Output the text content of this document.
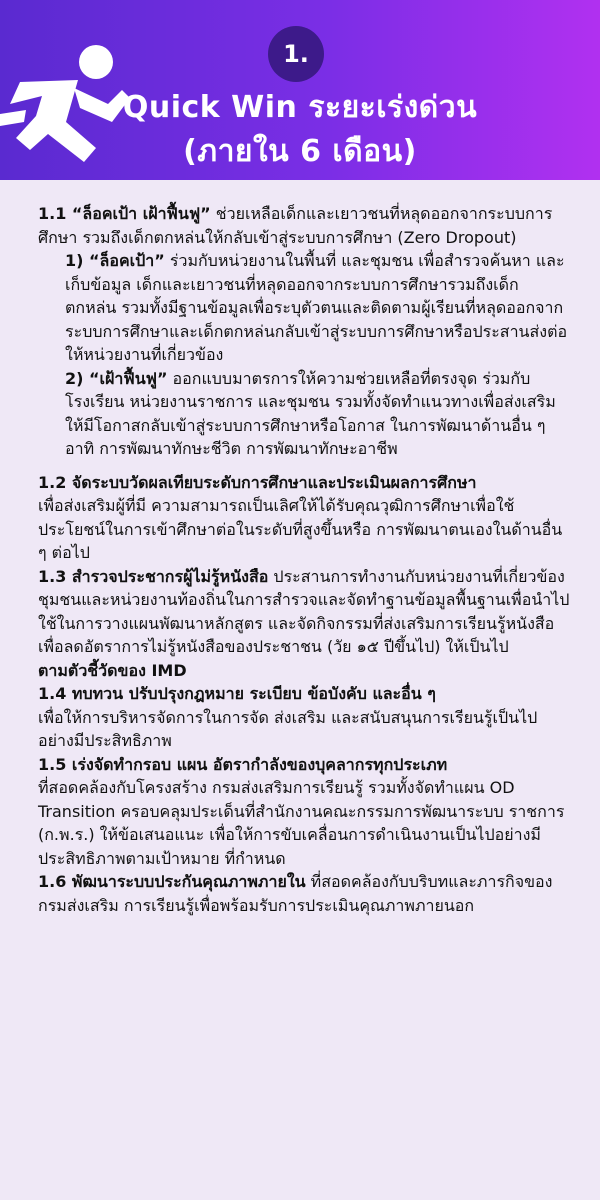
1.
Quick Win ระยะเร่งด่วน
(ภายใน 6 เดือน)
1.1 “ล็อคเป้า เฝ้าฟื้นฟู” ช่วยเหลือเด็กและเยาวชนที่หลุดออกจากระบบการศึกษา รวมถึงเด็กตกหล่นให้กลับเข้าสู่ระบบการศึกษา (Zero Dropout)
1) “ล็อคเป้า” ร่วมกับหน่วยงานในพื้นที่ และชุมชน เพื่อสำรวจค้นหา และเก็บข้อมูล เด็กและเยาวชนที่หลุดออกจากระบบการศึกษารวมถึงเด็กตกหล่น รวมทั้งมีฐานข้อมูลเพื่อระบุตัวตนและติดตามผู้เรียนที่หลุดออกจากระบบการศึกษาและเด็กตกหล่นกลับเข้าสู่ระบบการศึกษาหรือประสานส่งต่อให้หน่วยงานที่เกี่ยวข้อง
2) “เฝ้าฟื้นฟู” ออกแบบมาตรการให้ความช่วยเหลือที่ตรงจุด ร่วมกับโรงเรียน หน่วยงานราชการ และชุมชน รวมทั้งจัดทำแนวทางเพื่อส่งเสริมให้มีโอกาสกลับเข้าสู่ระบบการศึกษาหรือโอกาส ในการพัฒนาด้านอื่น ๆ อาทิ การพัฒนาทักษะชีวิต การพัฒนาทักษะอาชีพ
1.2 จัดระบบวัดผลเทียบระดับการศึกษาและประเมินผลการศึกษา
เพื่อส่งเสริมผู้ที่มี ความสามารถเป็นเลิศให้ได้รับคุณวุฒิการศึกษาเพื่อใช้ประโยชน์ในการเข้าศึกษาต่อในระดับที่สูงขึ้นหรือ การพัฒนาตนเองในด้านอื่น ๆ ต่อไป
1.3 สำรวจประชากรผู้ไม่รู้หนังสือ ประสานการทำงานกับหน่วยงานที่เกี่ยวข้อง ชุมชนและหน่วยงานท้องถิ่นในการสำรวจและจัดทำฐานข้อมูลพื้นฐานเพื่อนำไปใช้ในการวางแผนพัฒนาหลักสูตร และจัดกิจกรรมที่ส่งเสริมการเรียนรู้หนังสือเพื่อลดอัตราการไม่รู้หนังสือของประชาชน (วัย ๑๕ ปีขึ้นไป) ให้เป็นไป
ตามตัวชี้วัดของ IMD
1.4 ทบทวน ปรับปรุงกฎหมาย ระเบียบ ข้อบังคับ และอื่น ๆ
เพื่อให้การบริหารจัดการในการจัด ส่งเสริม และสนับสนุนการเรียนรู้เป็นไปอย่างมีประสิทธิภาพ
1.5 เร่งจัดทำกรอบ แผน อัตรากำลังของบุคลากรทุกประเภท
ที่สอดคล้องกับโครงสร้าง กรมส่งเสริมการเรียนรู้ รวมทั้งจัดทำแผน OD Transition ครอบคลุมประเด็นที่สำนักงานคณะกรรมการพัฒนาระบบ ราชการ (ก.พ.ร.) ให้ข้อเสนอแนะ เพื่อให้การขับเคลื่อนการดำเนินงานเป็นไปอย่างมีประสิทธิภาพตามเป้าหมาย ที่กำหนด
1.6 พัฒนาระบบประกันคุณภาพภายใน ที่สอดคล้องกับบริบทและภารกิจของกรมส่งเสริม การเรียนรู้เพื่อพร้อมรับการประเมินคุณภาพภายนอก
